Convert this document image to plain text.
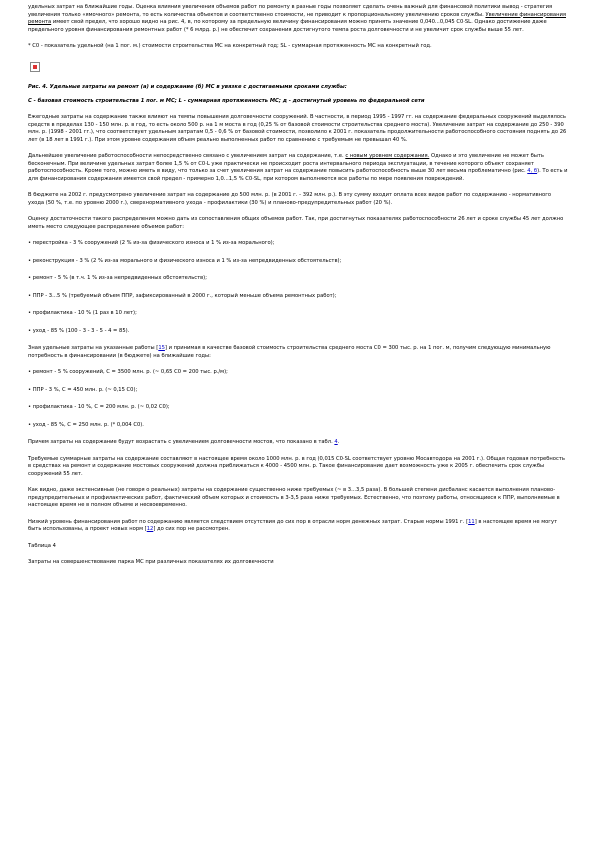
удельных затрат на ближайшие годы. Оценка влияния увеличения объемов работ по ремонту в разные годы позволяет сделать очень важный для финансовой политики вывод - стратегия увеличения только «ямочного» ремонта, то есть количества объектов и соответственно стоимости, не приводит к пропорциональному увеличению сроков службы. Увеличение финансирования ремонта имеет свой предел, что хорошо видно на рис. 4, в, по которому за предельную величину финансирования можно принять значение 0,040...0,045 С0·SL. Однако достижение даже предельного уровня финансирования ремонтных работ (* 6 млрд. р.) не обеспечит сохранения достигнутого темпа роста долговечности и не увеличит срок службы выше 55 лет.

* С0 - показатель удельной (на 1 пог. м.) стоимости строительства МС на конкретный год; SL - суммарная протяженность МС на конкретный год.

Рис. 4. Удельные затраты на ремонт (а) и содержание (б) МС в увязке с достигаемыми сроками службы:

С - базовая стоимость строительства 1 пог. м МС; L - суммарная протяженность МС; д - достигнутый уровень по федеральной сети

Ежегодные затраты на содержание также влияют на темпы повышения долговечности сооружений. В частности, в период 1995 - 1997 гг. на содержание федеральных сооружений выделялось средств в пределах 130 - 150 млн. р. в год, то есть около 500 р. на 1 м моста в год (0,25 % от базовой стоимости строительства среднего моста). Увеличение затрат на содержание до 250 - 390 млн. р. (1998 - 2001 гг.), что соответствует удельным затратам 0,5 - 0,6 % от базовой стоимости, позволило к 2001 г. показатель продолжительности работоспособного состояния поднять до 26 лет (в 18 лет в 1991 г.). При этом уровне содержания объем реально выполненных работ по сравнению с требуемым не превышал 40 %.

Дальнейшее увеличение работоспособности непосредственно связано с увеличением затрат на содержание, т.е. с новым уровнем содержания. Однако и это увеличение не может быть бесконечным. При величине удельных затрат более 1,5 % от С0·L уже практически не происходит роста интервального периода эксплуатации, в течение которого объект сохраняет работоспособность. Кроме того, можно иметь в виду, что только за счет увеличения затрат на содержание повысить работоспособность выше 30 лет весьма проблематично (рис. 4, б). То есть и для финансирования содержания имеется свой предел - примерно 1,0...1,5 % С0·SL, при котором выполняются все работы по мере появления повреждений.

В бюджете на 2002 г. предусмотрено увеличение затрат на содержание до 500 млн. р. (в 2001 г. - 392 млн. р.). В эту сумму входит оплата всех видов работ по содержанию - нормативного ухода (50 %, т.е. по уровню 2000 г.), сверхнормативного ухода - профилактики (30 %) и планово-предупредительных работ (20 %).

Оценку достаточности такого распределения можно дать из сопоставления общих объемов работ. Так, при достигнутых показателях работоспособности 26 лет и сроке службы 45 лет должно иметь место следующее распределение объемов работ:

• перестройка - 3 % сооружений (2 % из-за физического износа и 1 % из-за морального);
• реконструкция - 3 % (2 % из-за морального и физического износа и 1 % из-за непредвиденных обстоятельств);
• ремонт - 5 % (в т.ч. 1 % из-за непредвиденных обстоятельств);
• ППР - 3...5 % (требуемый объем ППР, зафиксированный в 2000 г., который меньше объема ремонтных работ);
• профилактика - 10 % (1 раз в 10 лет);
• уход - 85 % (100 - 3 - 3 - 5 - 4 = 85).

Зная удельные затраты на указанные работы [15] и принимая в качестве базовой стоимость строительства среднего моста С0 = 300 тыс. р. на 1 пог. м, получим следующую минимальную потребность в финансировании (в бюджете) на ближайшие годы:

• ремонт - 5 % сооружений, С = 3500 млн. р. (~ 0,65 С0 = 200 тыс. р./м);
• ППР - 3 %, С = 450 млн. р. (~ 0,15 С0);
• профилактика - 10 %, С = 200 млн. р. (~ 0,02 С0);
• уход - 85 %, С = 250 млн. р. (* 0,004 С0).

Причем затраты на содержание будут возрастать с увеличением долговечности мостов, что показано в табл. 4.

Требуемые суммарные затраты на содержание составляют в настоящее время около 1000 млн. р. в год (0,015 С0·SL соответствует уровню Мосавтодора на 2001 г.). Общая годовая потребность в средствах на ремонт и содержание мостовых сооружений должна приближаться к 4000 - 4500 млн. р. Такое финансирование дает возможность уже к 2005 г. обеспечить срок службы сооружений 55 лет.

Как видно, даже экстенсивные (не говоря о реальных) затраты на содержание существенно ниже требуемых (~ в 3...3,5 раза). В большей степени дисбаланс касается выполнения планово-предупредительных и профилактических работ, фактический объем которых и стоимость в 3-3,5 раза ниже требуемых. Естественно, что поэтому работы, относящиеся к ППР, выполняемые в настоящее время не в полном объеме и несвоевременно.

Низкий уровень финансирования работ по содержанию является следствием отсутствия до сих пор в отрасли норм денежных затрат. Старые нормы 1991 г. [11] в настоящее время не могут быть использованы, а проект новых норм [12] до сих пор не рассмотрен.

Таблица 4

Затраты на совершенствование парка МС при различных показателях их долговечности
